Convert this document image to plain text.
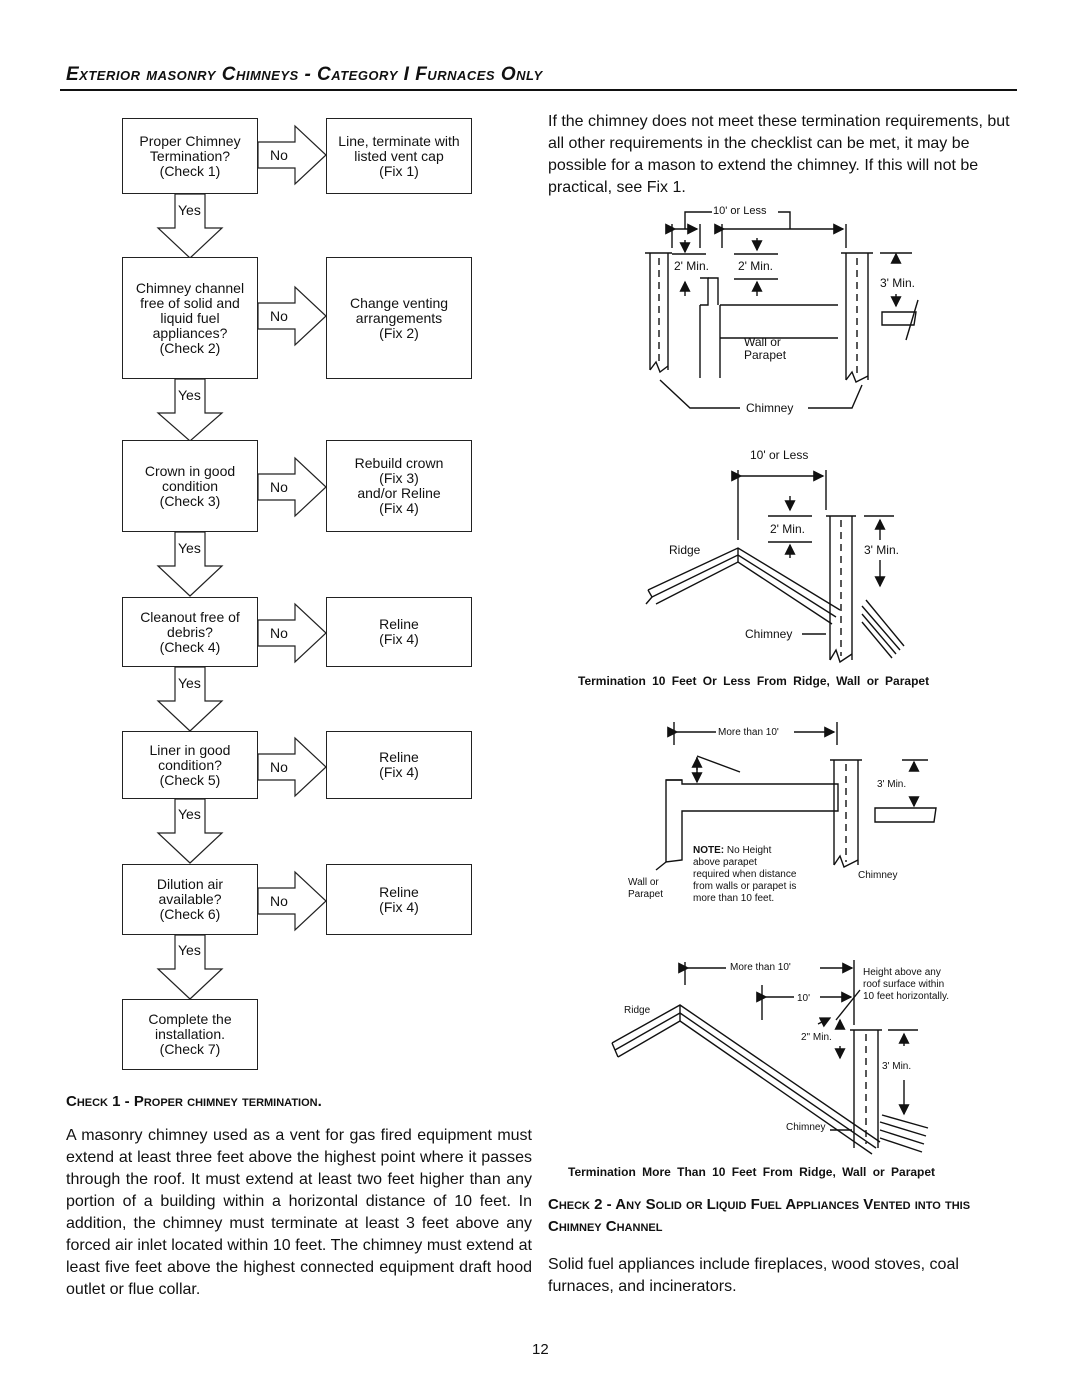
Exterior masonry Chimneys - Category I Furnaces Only
Proper Chimney
Termination?
(Check 1)
Chimney channel
free of solid and
liquid fuel
appliances?
(Check 2)
Crown in good
condition
(Check 3)
Cleanout free of
debris?
(Check 4)
Liner in good
condition?
(Check 5)
Dilution air
available?
(Check 6)
Complete the
installation.
(Check 7)
Line, terminate with
listed vent cap
(Fix 1)
Change venting
arrangements
(Fix 2)
Rebuild crown
(Fix 3)
and/or Reline
(Fix 4)
Reline
(Fix 4)
Reline
(Fix 4)
Reline
(Fix 4)
Yes
Yes
Yes
Yes
Yes
Yes
No
No
No
No
No
No
If the chimney does not meet these termination requirements, but all other requirements in the checklist can be met, it may be possible for a mason to extend the chimney. If this will not be practical, see Fix 1.
10' or Less
2' Min. 2' Min.
3' Min.
Wall or
Parapet
Chimney
10' or Less
2' Min.
Ridge	3' Min.
Chimney
Termination 10 Feet Or Less From Ridge, Wall or Parapet
More than 10'
3' Min.
NOTE: No Height
above parapet
required when distance
from walls or parapet is
more than 10 feet.
Wall or
Parapet
Chimney
More than 10'	Height above any
roof surface within
10 feet horizontally.
10'
Ridge
2" Min.
3' Min.
Chimney
Termination More Than 10 Feet From Ridge, Wall or Parapet
Check 1 - Proper chimney termination.
A masonry chimney used as a vent for gas fired equipment must extend at least three feet above the highest point where it passes through the roof. It must extend at least two feet higher than any portion of a building within a horizontal distance of 10 feet. In addition, the chimney must terminate at least 3 feet above any forced air inlet located within 10 feet. The chimney must extend at least five feet above the highest connected equipment draft hood outlet or flue collar.
Check 2 - Any Solid or Liquid Fuel Appliances Vented into this Chimney Channel
Solid fuel appliances include fireplaces, wood stoves, coal furnaces, and incinerators.
12
